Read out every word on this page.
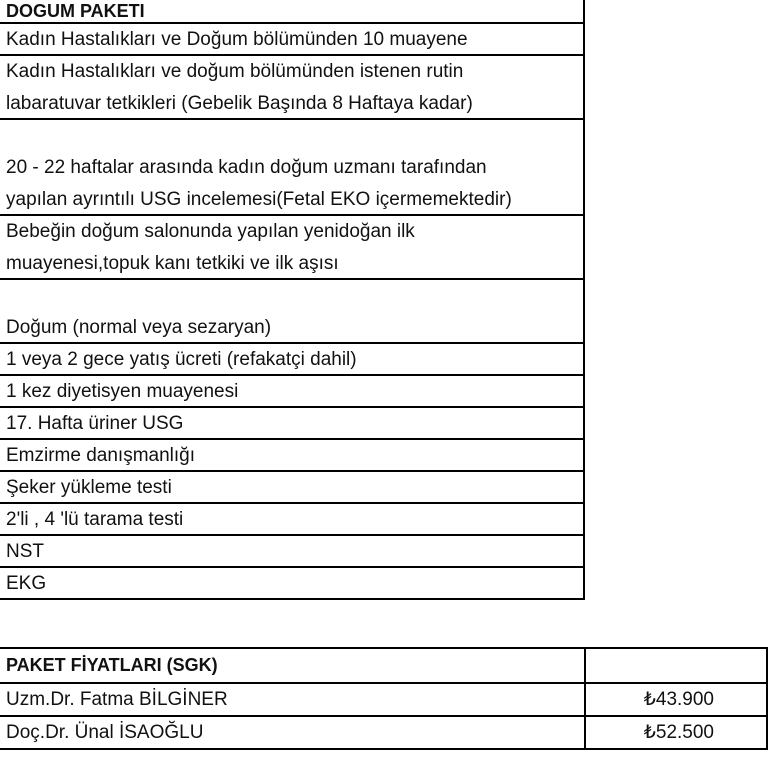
DOGUM PAKETI
Kadın Hastalıkları ve Doğum bölümünden 10 muayene
Kadın Hastalıkları ve doğum bölümünden istenen rutin
labaratuvar tetkikleri (Gebelik Başında 8 Haftaya kadar)
20 - 22 haftalar arasında kadın doğum uzmanı tarafından
yapılan ayrıntılı USG incelemesi(Fetal EKO içermemektedir)
Bebeğin doğum salonunda yapılan yenidoğan ilk
muayenesi,topuk kanı tetkiki ve ilk aşısı
Doğum (normal veya sezaryan)
1 veya 2 gece yatış ücreti (refakatçi dahil)
1 kez diyetisyen muayenesi
17. Hafta üriner USG
Emzirme danışmanlığı
Şeker yükleme testi
2'li , 4 'lü tarama testi
NST
EKG
PAKET FİYATLARI (SGK)
Uzm.Dr. Fatma BİLGİNER	₺43.900
Doç.Dr. Ünal İSAOĞLU	₺52.500
